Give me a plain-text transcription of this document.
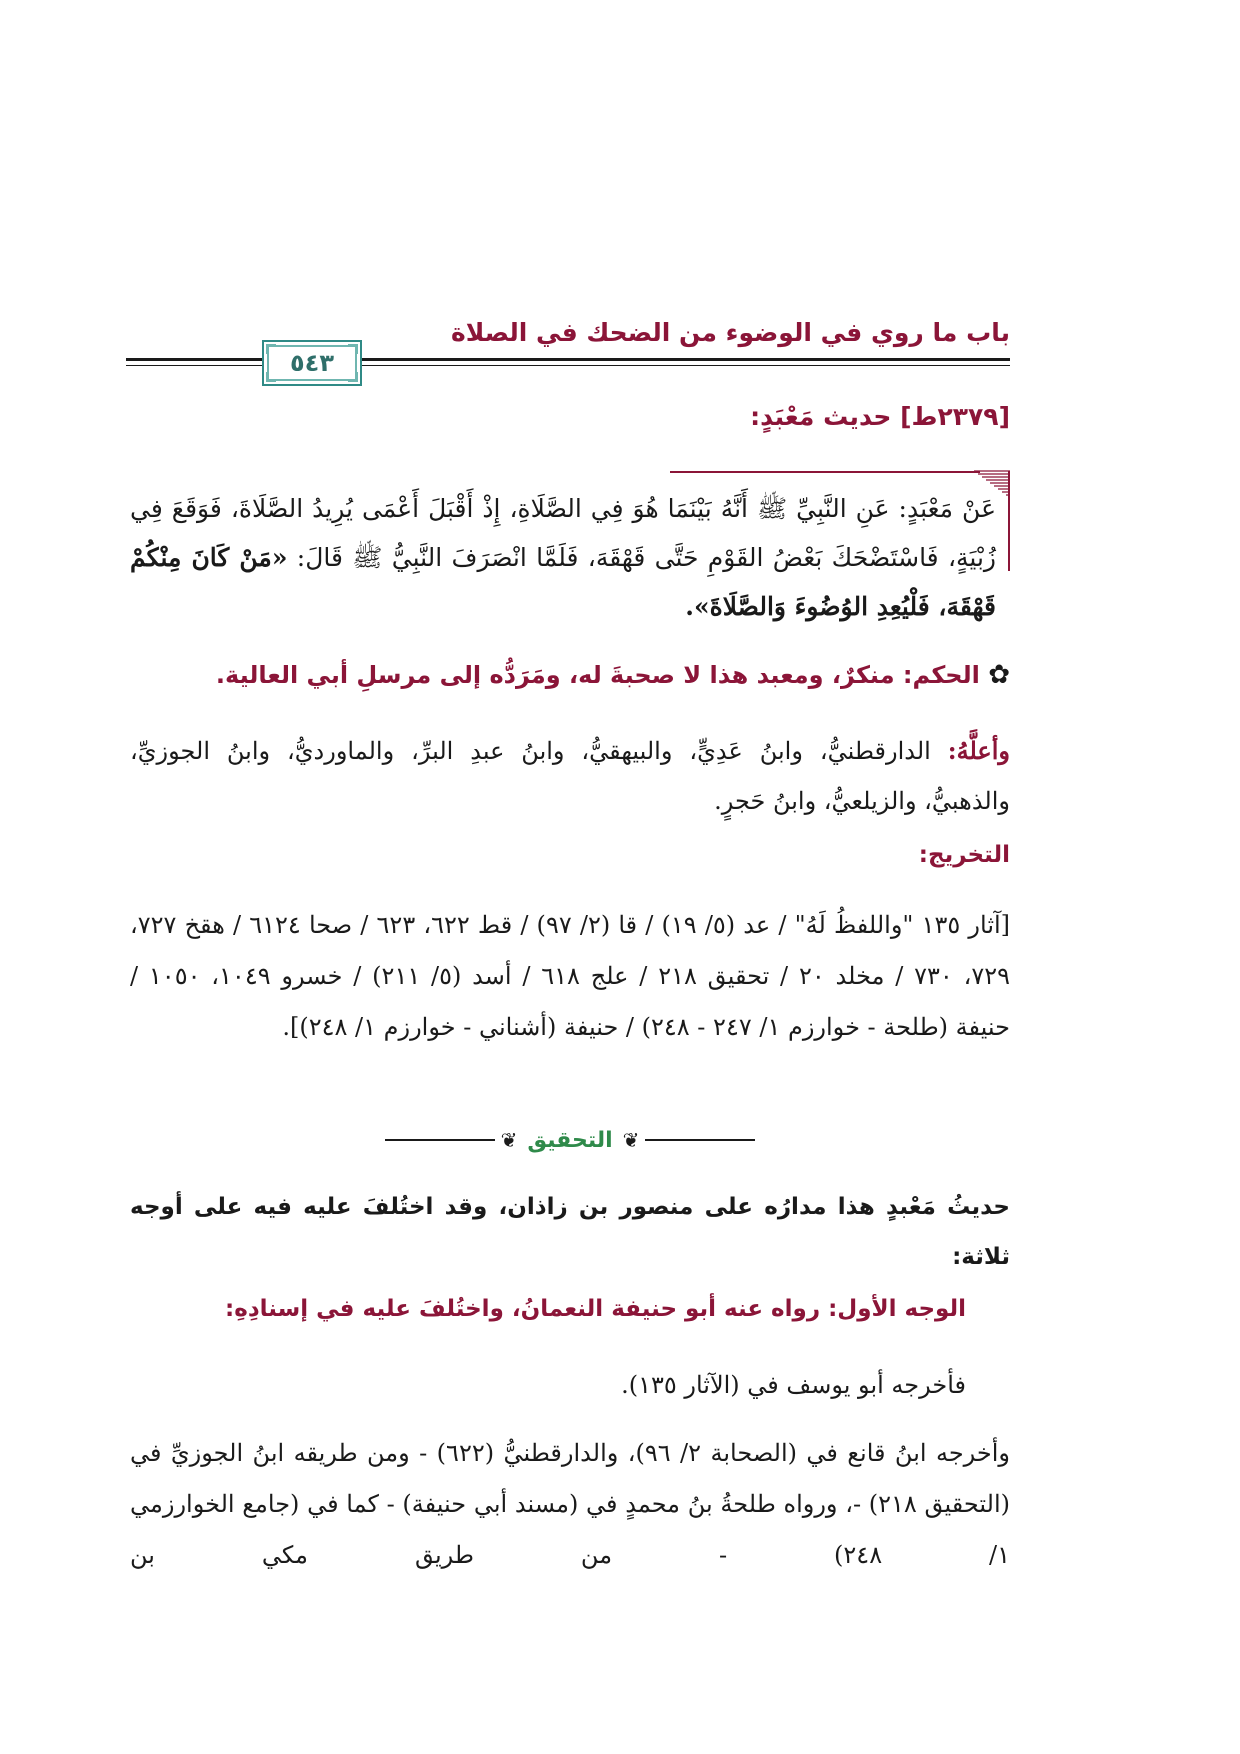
باب ما روي في الوضوء من الضحك في الصلاة
٥٤٣
[٢٣٧٩ط] حديث مَعْبَدٍ:
عَنْ مَعْبَدٍ: عَنِ النَّبِيِّ ﷺ أَنَّهُ بَيْنَمَا هُوَ فِي الصَّلَاةِ، إِذْ أَقْبَلَ أَعْمَى يُرِيدُ الصَّلَاةَ، فَوَقَعَ فِي زُبْيَةٍ، فَاسْتَضْحَكَ بَعْضُ القَوْمِ حَتَّى قَهْقَهَ، فَلَمَّا انْصَرَفَ النَّبِيُّ ﷺ قَالَ: «مَنْ كَانَ مِنْكُمْ قَهْقَهَ، فَلْيُعِدِ الوُضُوءَ وَالصَّلَاةَ».
✿ الحكم: منكرٌ، ومعبد هذا لا صحبةَ له، ومَرَدُّه إلى مرسلِ أبي العالية.
وأعلَّهُ: الدارقطنيُّ، وابنُ عَدِيٍّ، والبيهقيُّ، وابنُ عبدِ البرِّ، والماورديُّ، وابنُ الجوزيِّ، والذهبيُّ، والزيلعيُّ، وابنُ حَجرٍ.
التخريج:
[آثار ١٣٥ "واللفظُ لَهُ" / عد (٥/ ١٩) / قا (٢/ ٩٧) / قط ٦٢٢، ٦٢٣ / صحا ٦١٢٤ / هقخ ٧٢٧، ٧٢٩، ٧٣٠ / مخلد ٢٠ / تحقيق ٢١٨ / علج ٦١٨ / أسد (٥/ ٢١١) / خسرو ١٠٤٩، ١٠٥٠ / حنيفة (طلحة - خوارزم ١/ ٢٤٧ - ٢٤٨) / حنيفة (أشناني - خوارزم ١/ ٢٤٨)].
❦
التحقيق
❦
حديثُ مَعْبدٍ هذا مدارُه على منصور بن زاذان، وقد اختُلفَ عليه فيه على أوجه ثلاثة:
الوجه الأول: رواه عنه أبو حنيفة النعمانُ، واختُلفَ عليه في إسنادِهِ:
فأخرجه أبو يوسف في (الآثار ١٣٥).
وأخرجه ابنُ قانع في (الصحابة ٢/ ٩٦)، والدارقطنيُّ (٦٢٢) - ومن طريقه ابنُ الجوزيِّ في (التحقيق ٢١٨) -، ورواه طلحةُ بنُ محمدٍ في (مسند أبي حنيفة) - كما في (جامع الخوارزمي ١/ ٢٤٨) - من طريق مكي بن
